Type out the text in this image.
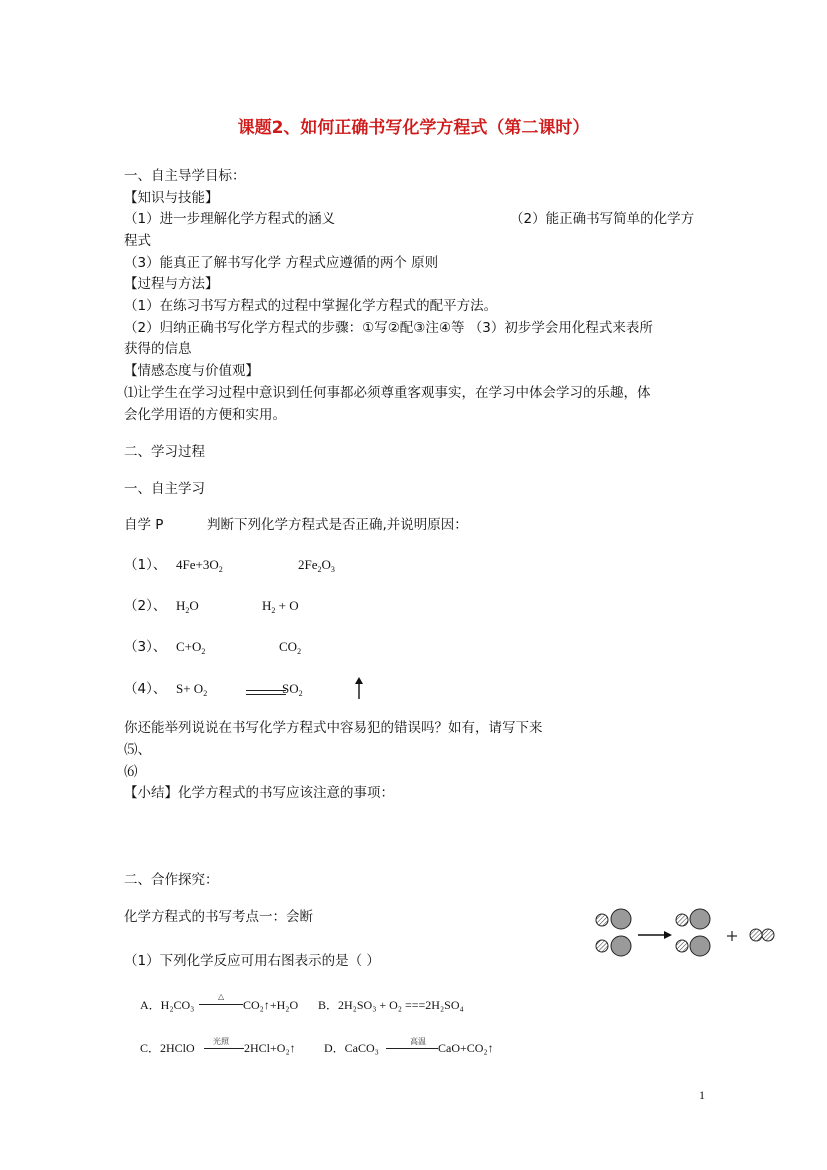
课题2、如何正确书写化学方程式（第二课时）
一、自主导学目标：
【知识与技能】
（1）进一步理解化学方程式的涵义	（2）能正确书写简单的化学方
程式
（3）能真正了解书写化学 方程式应遵循的两个 原则
【过程与方法】
（1）在练习书写方程式的过程中掌握化学方程式的配平方法。
（2）归纳正确书写化学方程式的步骤：①写②配③注④等 （3）初步学会用化程式来表所
获得的信息
【情感态度与价值观】
⑴让学生在学习过程中意识到任何事都必须尊重客观事实，在学习中体会学习的乐趣，体
会化学用语的方便和实用。
二、学习过程
一、自主学习
自学 P	判断下列化学方程式是否正确,并说明原因：
（1）、 $4Fe+3O_2$	$2Fe_2O_3$
（2）、 $H_2O$	$H_2 + O$
（3）、 $C+O_2$	$CO_2$
（4）、 $S+ O_2$	$SO_2$
你还能举列说说在书写化学方程式中容易犯的错误吗？如有，请写下来
⑸、
⑹
【小结】化学方程式的书写应该注意的事项：
二、合作探究：
化学方程式的书写考点一：会断
（1）下列化学反应可用右图表示的是（ ）
A．H₂CO₃
△
CO₂↑+H₂O B．2H₂SO₃ + O₂ ===2H₂SO₄
C．2HClO 光照 2HCl+O₂↑ D．CaCO₃	高温 CaO+CO₂↑
1
